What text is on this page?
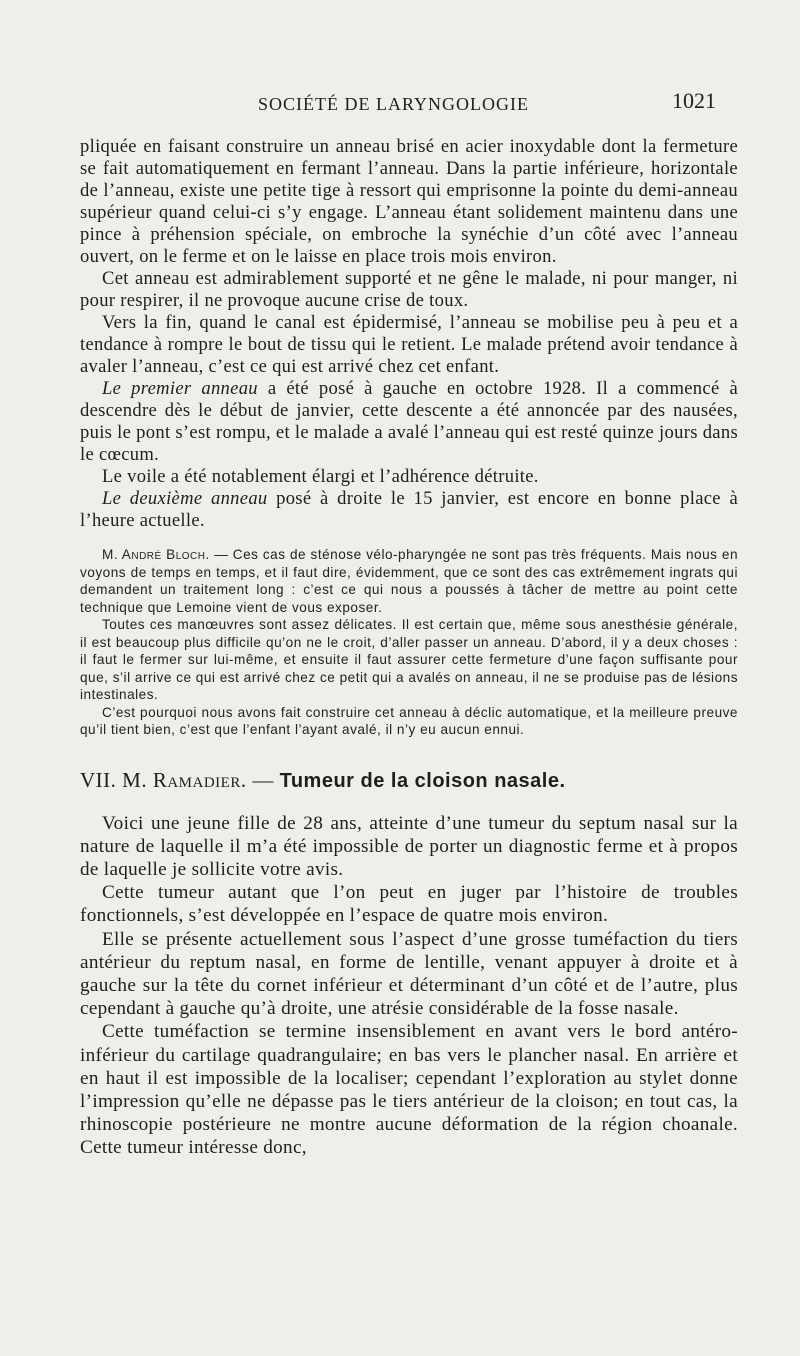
SOCIÉTÉ DE LARYNGOLOGIE	1021

pliquée en faisant construire un anneau brisé en acier inoxydable dont la fermeture se fait automatiquement en fermant l’anneau. Dans la partie inférieure, horizontale de l’anneau, existe une petite tige à ressort qui emprisonne la pointe du demi-anneau supérieur quand celui-ci s’y engage. L’anneau étant solidement maintenu dans une pince à préhension spéciale, on embroche la synéchie d’un côté avec l’anneau ouvert, on le ferme et on le laisse en place trois mois environ.

Cet anneau est admirablement supporté et ne gêne le malade, ni pour manger, ni pour respirer, il ne provoque aucune crise de toux.

Vers la fin, quand le canal est épidermisé, l’anneau se mobilise peu à peu et a tendance à rompre le bout de tissu qui le retient. Le malade prétend avoir tendance à avaler l’anneau, c’est ce qui est arrivé chez cet enfant.

Le premier anneau a été posé à gauche en octobre 1928. Il a commencé à descendre dès le début de janvier, cette descente a été annoncée par des nausées, puis le pont s’est rompu, et le malade a avalé l’anneau qui est resté quinze jours dans le cœcum.

Le voile a été notablement élargi et l’adhérence détruite.

Le deuxième anneau posé à droite le 15 janvier, est encore en bonne place à l’heure actuelle.

M. André Bloch. — Ces cas de sténose vélo-pharyngée ne sont pas très fréquents. Mais nous en voyons de temps en temps, et il faut dire, évidemment, que ce sont des cas extrêmement ingrats qui demandent un traitement long : c’est ce qui nous a poussés à tâcher de mettre au point cette technique que Lemoine vient de vous exposer.

Toutes ces manœuvres sont assez délicates. Il est certain que, même sous anesthésie générale, il est beaucoup plus difficile qu’on ne le croit, d’aller passer un anneau. D’abord, il y a deux choses : il faut le fermer sur lui-même, et ensuite il faut assurer cette fermeture d’une façon suffisante pour que, s’il arrive ce qui est arrivé chez ce petit qui a avalés on anneau, il ne se produise pas de lésions intestinales.

C’est pourquoi nous avons fait construire cet anneau à déclic automatique, et la meilleure preuve qu’il tient bien, c’est que l’enfant l’ayant avalé, il n’y eu aucun ennui.

VII. M. Ramadier. — Tumeur de la cloison nasale.

Voici une jeune fille de 28 ans, atteinte d’une tumeur du septum nasal sur la nature de laquelle il m’a été impossible de porter un diagnostic ferme et à propos de laquelle je sollicite votre avis.

Cette tumeur autant que l’on peut en juger par l’histoire de troubles fonctionnels, s’est développée en l’espace de quatre mois environ.

Elle se présente actuellement sous l’aspect d’une grosse tuméfaction du tiers antérieur du reptum nasal, en forme de lentille, venant appuyer à droite et à gauche sur la tête du cornet inférieur et déterminant d’un côté et de l’autre, plus cependant à gauche qu’à droite, une atrésie considérable de la fosse nasale.

Cette tuméfaction se termine insensiblement en avant vers le bord antéro-inférieur du cartilage quadrangulaire; en bas vers le plancher nasal. En arrière et en haut il est impossible de la localiser; cependant l’exploration au stylet donne l’impression qu’elle ne dépasse pas le tiers antérieur de la cloison; en tout cas, la rhinoscopie postérieure ne montre aucune déformation de la région choanale. Cette tumeur intéresse donc,
